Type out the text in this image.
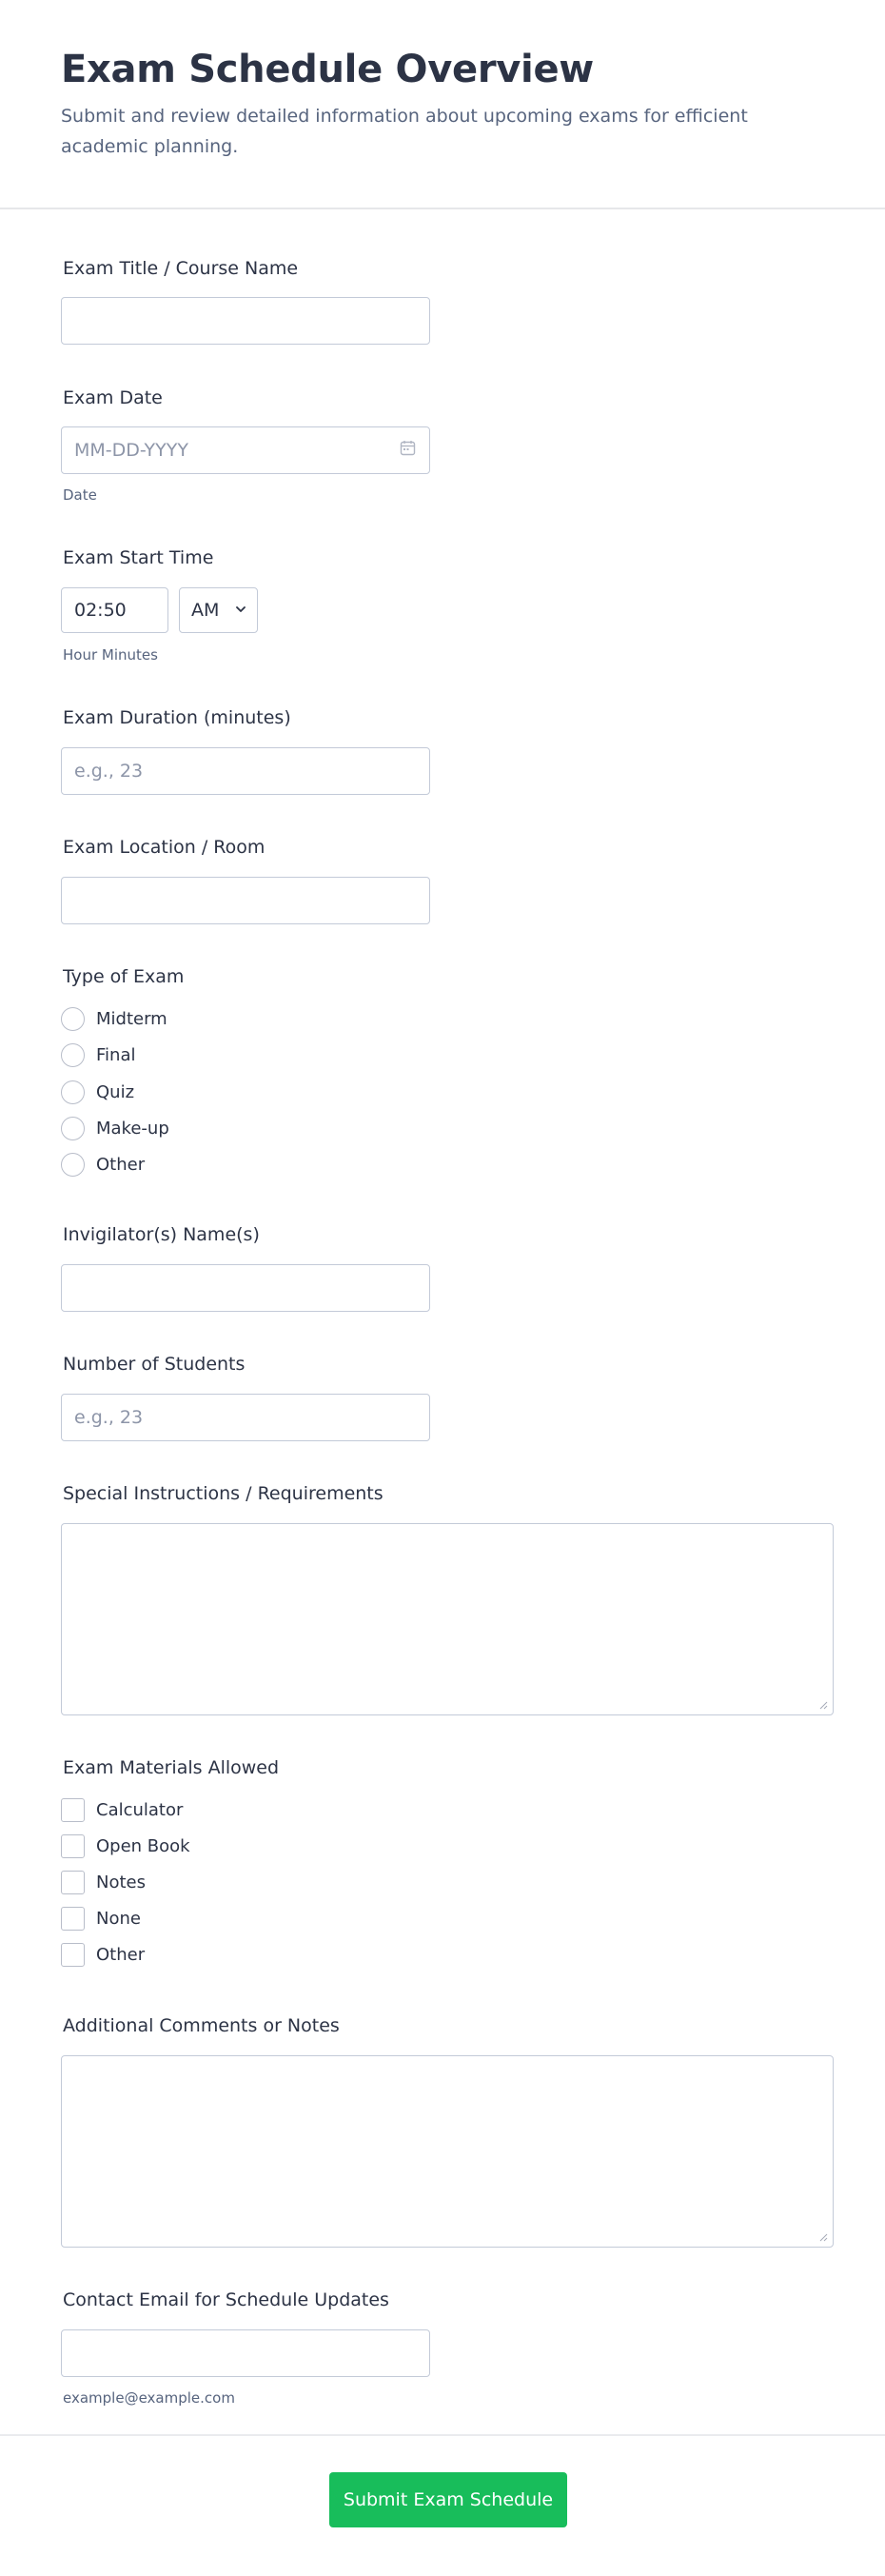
Exam Schedule Overview

Submit and review detailed information about upcoming exams for efficient academic planning.

Exam Title / Course Name
Exam Date
MM-DD-YYYY
Date
Exam Start Time
02:50
AM
Hour Minutes
Exam Duration (minutes)
e.g., 23
Exam Location / Room
Type of Exam
Midterm
Final
Quiz
Make-up
Other
Invigilator(s) Name(s)
Number of Students
e.g., 23
Special Instructions / Requirements
Exam Materials Allowed
Calculator
Open Book
Notes
None
Other
Additional Comments or Notes
Contact Email for Schedule Updates
example@example.com
Submit Exam Schedule
